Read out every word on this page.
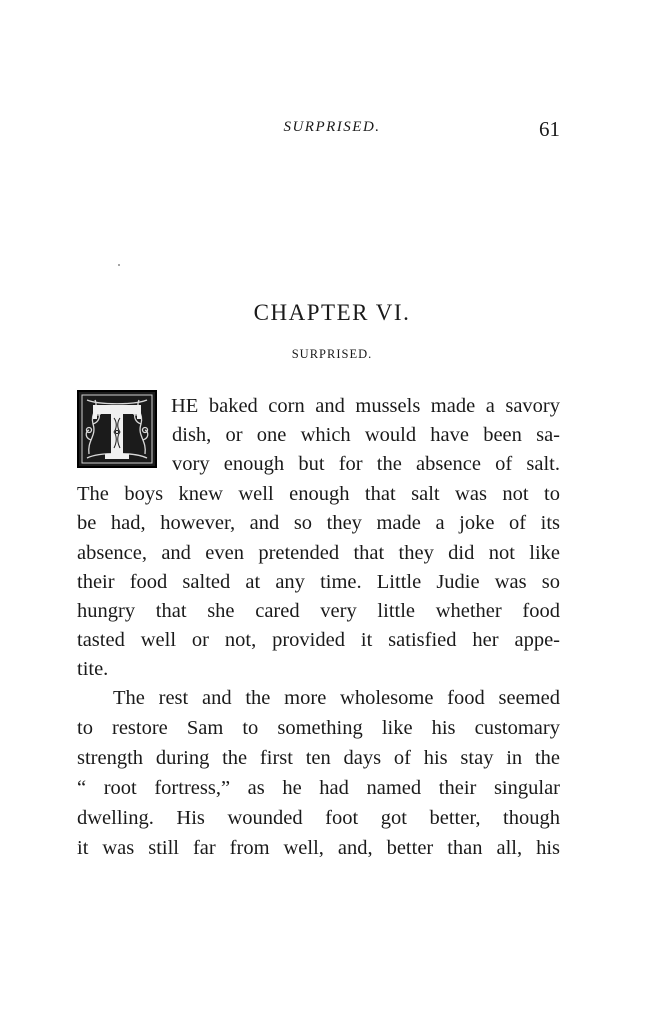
SURPRISED.	61
CHAPTER VI.
SURPRISED.
HE baked corn and mussels made a savory
dish, or one which would have been sa-
vory enough but for the absence of salt.
The boys knew well enough that salt was not to
be had, however, and so they made a joke of its
absence, and even pretended that they did not like
their food salted at any time. Little Judie was so
hungry that she cared very little whether food
tasted well or not, provided it satisfied her appe-
tite.
The rest and the more wholesome food seemed
to restore Sam to something like his customary
strength during the first ten days of his stay in the
“ root fortress,” as he had named their singular
dwelling. His wounded foot got better, though
it was still far from well, and, better than all, his
